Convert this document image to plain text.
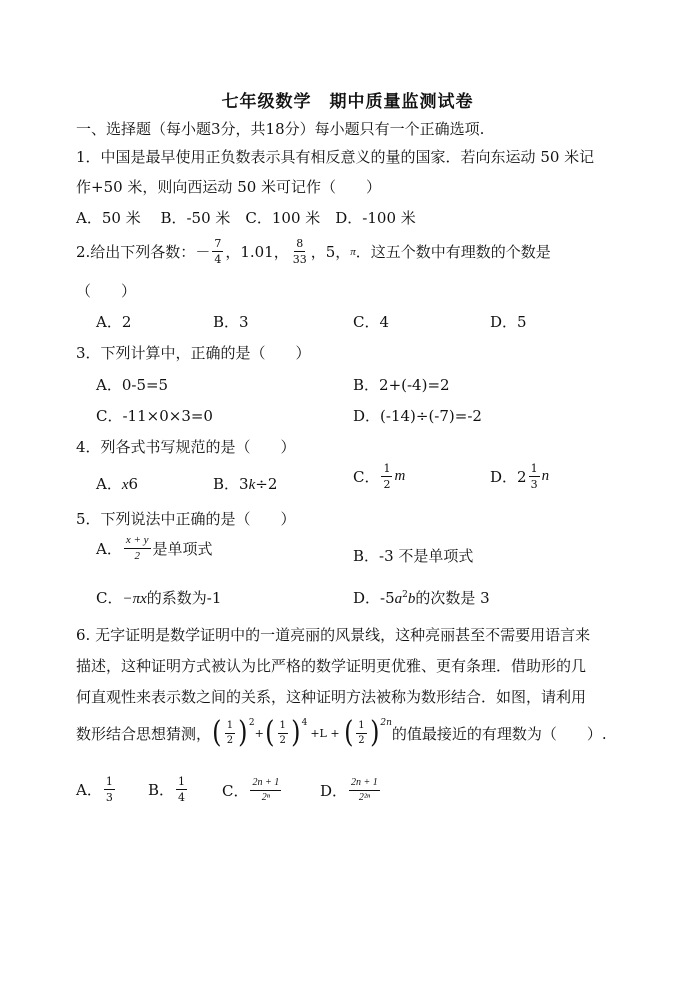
七年级数学　期中质量监测试卷
一、选择题（每小题3分，共18分）每小题只有一个正确选项.
1．中国是最早使用正负数表示具有相反意义的量的国家．若向东运动 50 米记
作+50 米，则向西运动 50 米可记作（　　）
A．50 米　 B．-50 米　C．100 米　D．-100 米
2.给出下列各数： － $\frac{7}{4}$ ，1.01， $\frac{8}{33}$ ，5， π ．这五个数中有理数的个数是
（　　）
A．2	B．3	C．4	D．5
3．下列计算中，正确的是（　　）
A．0-5=5	B．2+(-4)=2
C．-11×0×3=0	D．(-14)÷(-7)=-2
4．列各式书写规范的是（　　）
A．x6	B．3k÷2	C． $\frac{1}{2}$ m	D． $2 \frac{1}{3}$ n
5．下列说法中正确的是（　　）
A． $\frac{x + y}{2}$ 是单项式	B．-3 不是单项式
C．−πx的系数为-1	D．$-5a^2b$的次数是 3
6. 无字证明是数学证明中的一道亮丽的风景线，这种亮丽甚至不需要用语言来
描述，这种证明方式被认为比严格的数学证明更优雅、更有条理．借助形的几
何直观性来表示数之间的关系，这种证明方法被称为数形结合．如图，请利用
数形结合思想猜测， ( $\frac{1}{2} )^2$
+ ( $\frac{1}{2} )^4$
+L + ( $\frac{1}{2} )^{2n}$
的值最接近的有理数为（　　）.
A． $\frac{1}{3}$ B． $\frac{1}{4}$ C． $\frac{2n + 1}{\text{2ⁿ}}$	D． $\frac{2n + 1}{\text{2²ⁿ}}$
